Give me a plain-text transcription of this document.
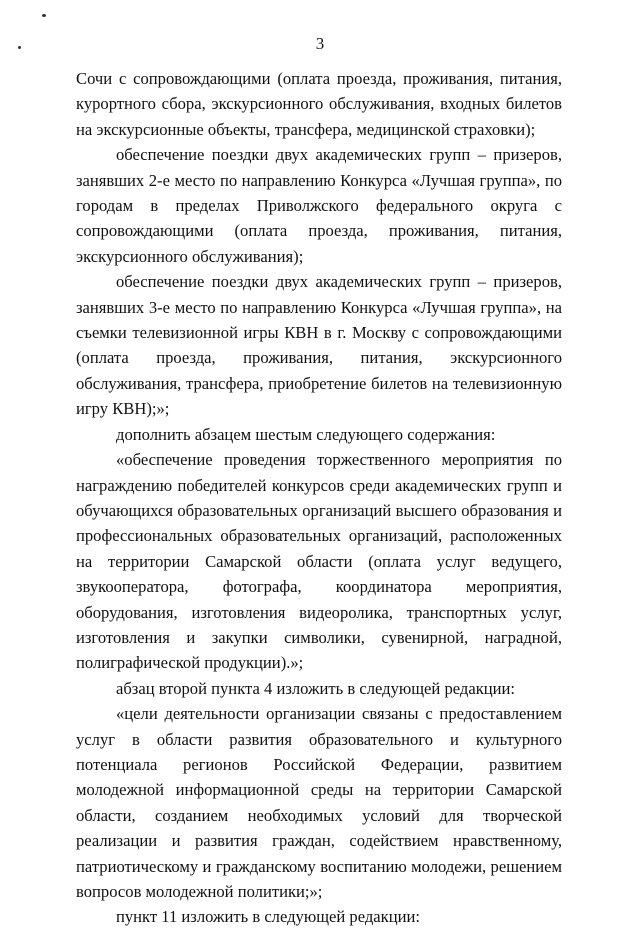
3

Сочи с сопровождающими (оплата проезда, проживания, питания, курортного сбора, экскурсионного обслуживания, входных билетов на экскурсионные объекты, трансфера, медицинской страховки);

обеспечение поездки двух академических групп – призеров, занявших 2-е место по направлению Конкурса «Лучшая группа», по городам в пределах Приволжского федерального округа с сопровождающими (оплата проезда, проживания, питания, экскурсионного обслуживания);

обеспечение поездки двух академических групп – призеров, занявших 3-е место по направлению Конкурса «Лучшая группа», на съемки телевизионной игры КВН в г. Москву с сопровождающими (оплата проезда, проживания, питания, экскурсионного обслуживания, трансфера, приобретение билетов на телевизионную игру КВН);»;

дополнить абзацем шестым следующего содержания:

«обеспечение проведения торжественного мероприятия по награждению победителей конкурсов среди академических групп и обучающихся образовательных организаций высшего образования и профессиональных образовательных организаций, расположенных на территории Самарской области (оплата услуг ведущего, звукооператора, фотографа, координатора мероприятия, оборудования, изготовления видеоролика, транспортных услуг, изготовления и закупки символики, сувенирной, наградной, полиграфической продукции).»;

абзац второй пункта 4 изложить в следующей редакции:

«цели деятельности организации связаны с предоставлением услуг в области развития образовательного и культурного потенциала регионов Российской Федерации, развитием молодежной информационной среды на территории Самарской области, созданием необходимых условий для творческой реализации и развития граждан, содействием нравственному, патриотическому и гражданскому воспитанию молодежи, решением вопросов молодежной политики;»;

пункт 11 изложить в следующей редакции:
